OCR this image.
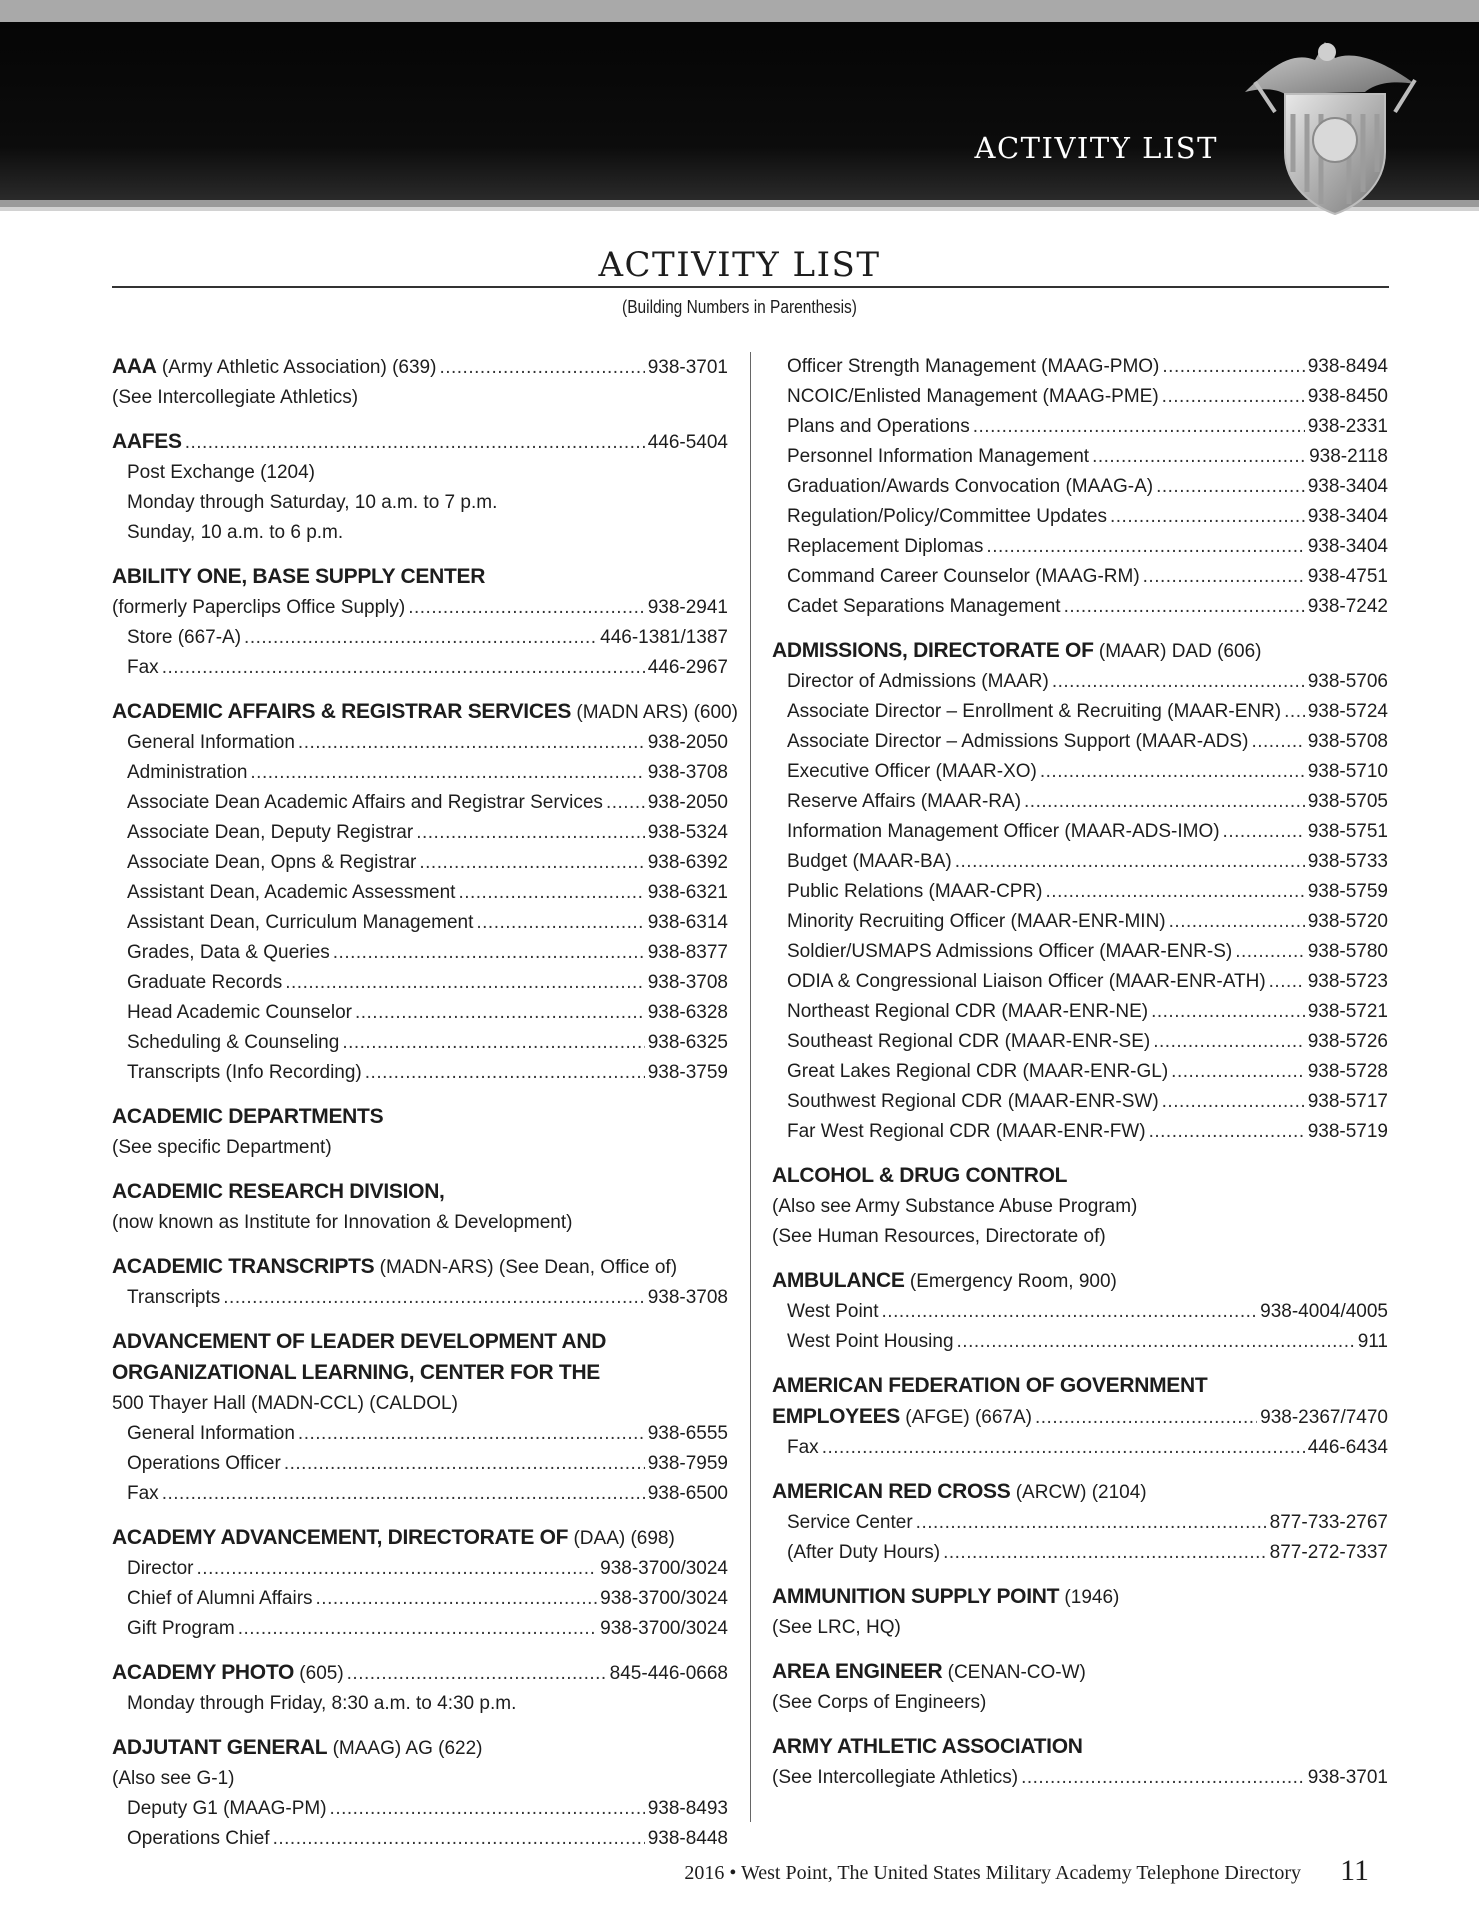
ACTIVITY LIST
ACTIVITY LIST
(Building Numbers in Parenthesis)
AAA (Army Athletic Association) (639) .....	938-3701
(See Intercollegiate Athletics)
AAFES .....	446-5404
Post Exchange (1204)
Monday through Saturday, 10 a.m. to 7 p.m.
Sunday, 10 a.m. to 6 p.m.
ABILITY ONE, BASE SUPPLY CENTER
(formerly Paperclips Office Supply) .....	938-2941
Store (667-A) .....	446-1381/1387
Fax .....	446-2967
ACADEMIC AFFAIRS & REGISTRAR SERVICES (MADN ARS) (600)
General Information .....	938-2050
Administration .....	938-3708
Associate Dean Academic Affairs and Registrar Services ..... 938-2050
Associate Dean, Deputy Registrar .....	938-5324
Associate Dean, Opns & Registrar .....	938-6392
Assistant Dean, Academic Assessment .....	938-6321
Assistant Dean, Curriculum Management .....	938-6314
Grades, Data & Queries .....	938-8377
Graduate Records .....	938-3708
Head Academic Counselor .....	938-6328
Scheduling & Counseling .....	938-6325
Transcripts (Info Recording) .....	938-3759
ACADEMIC DEPARTMENTS
(See specific Department)
ACADEMIC RESEARCH DIVISION,
(now known as Institute for Innovation & Development)
ACADEMIC TRANSCRIPTS (MADN-ARS) (See Dean, Office of)
Transcripts .....	938-3708
ADVANCEMENT OF LEADER DEVELOPMENT AND
ORGANIZATIONAL LEARNING, CENTER FOR THE
500 Thayer Hall (MADN-CCL) (CALDOL)
General Information .....	938-6555
Operations Officer .....	938-7959
Fax .....	938-6500
ACADEMY ADVANCEMENT, DIRECTORATE OF (DAA) (698)
Director .....	938-3700/3024
Chief of Alumni Affairs .....	938-3700/3024
Gift Program .....	938-3700/3024
ACADEMY PHOTO (605) .....	845-446-0668
Monday through Friday, 8:30 a.m. to 4:30 p.m.
ADJUTANT GENERAL (MAAG) AG (622)
(Also see G-1)
Deputy G1 (MAAG-PM) .....	938-8493
Operations Chief .....	938-8448
Officer Strength Management (MAAG-PMO) .....	938-8494
NCOIC/Enlisted Management (MAAG-PME) .....	938-8450
Plans and Operations .....	938-2331
Personnel Information Management .....	938-2118
Graduation/Awards Convocation (MAAG-A) .....	938-3404
Regulation/Policy/Committee Updates .....	938-3404
Replacement Diplomas .....	938-3404
Command Career Counselor (MAAG-RM) .....	938-4751
Cadet Separations Management .....	938-7242
ADMISSIONS, DIRECTORATE OF (MAAR) DAD (606)
Director of Admissions (MAAR) .....	938-5706
Associate Director – Enrollment & Recruiting (MAAR-ENR) ..... 938-5724
Associate Director – Admissions Support (MAAR-ADS) .....	938-5708
Executive Officer (MAAR-XO) .....	938-5710
Reserve Affairs (MAAR-RA) .....	938-5705
Information Management Officer (MAAR-ADS-IMO) .....	938-5751
Budget (MAAR-BA) .....	938-5733
Public Relations (MAAR-CPR) .....	938-5759
Minority Recruiting Officer (MAAR-ENR-MIN) .....	938-5720
Soldier/USMAPS Admissions Officer (MAAR-ENR-S) .....	938-5780
ODIA & Congressional Liaison Officer (MAAR-ENR-ATH) ..... 938-5723
Northeast Regional CDR (MAAR-ENR-NE) .....	938-5721
Southeast Regional CDR (MAAR-ENR-SE) .....	938-5726
Great Lakes Regional CDR (MAAR-ENR-GL) .....	938-5728
Southwest Regional CDR (MAAR-ENR-SW) .....	938-5717
Far West Regional CDR (MAAR-ENR-FW) .....	938-5719
ALCOHOL & DRUG CONTROL
(Also see Army Substance Abuse Program)
(See Human Resources, Directorate of)
AMBULANCE (Emergency Room, 900)
West Point .....	938-4004/4005
West Point Housing .....	911
AMERICAN FEDERATION OF GOVERNMENT
EMPLOYEES (AFGE) (667A) .....	938-2367/7470
Fax .....	446-6434
AMERICAN RED CROSS (ARCW) (2104)
Service Center .....	877-733-2767
(After Duty Hours) .....	877-272-7337
AMMUNITION SUPPLY POINT (1946)
(See LRC, HQ)
AREA ENGINEER (CENAN-CO-W)
(See Corps of Engineers)
ARMY ATHLETIC ASSOCIATION
(See Intercollegiate Athletics) .....	938-3701
2016 • West Point, The United States Military Academy Telephone Directory 11
